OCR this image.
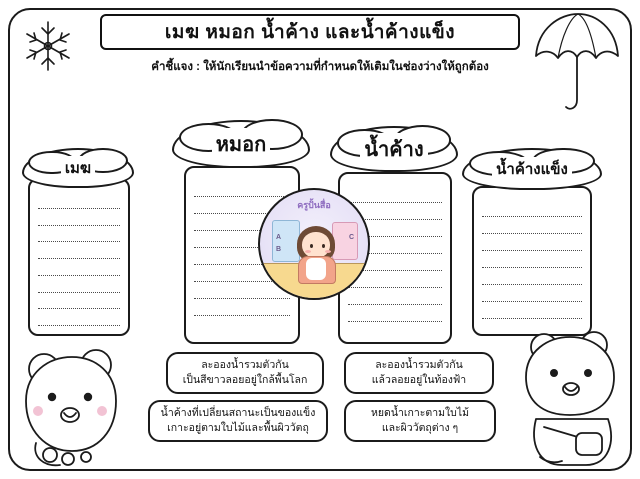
เมฆ หมอก น้ำค้าง และน้ำค้างแข็ง
คำชี้แจง : ให้นักเรียนนำข้อความที่กำหนดให้เติมในช่องว่างให้ถูกต้อง
เมฆ
หมอก	น้ำค้าง
น้ำค้างแข็ง
A
B
C
ครูปั้นสื่อ
ละอองน้ำรวมตัวกัน
เป็นสีขาวลอยอยู่ใกล้พื้นโลก
ละอองน้ำรวมตัวกัน
แล้วลอยอยู่ในท้องฟ้า
น้ำค้างที่เปลี่ยนสถานะเป็นของแข็ง
เกาะอยู่ตามใบไม้และพื้นผิววัตถุ
หยดน้ำเกาะตามใบไม้
และผิววัตถุต่าง ๆ
